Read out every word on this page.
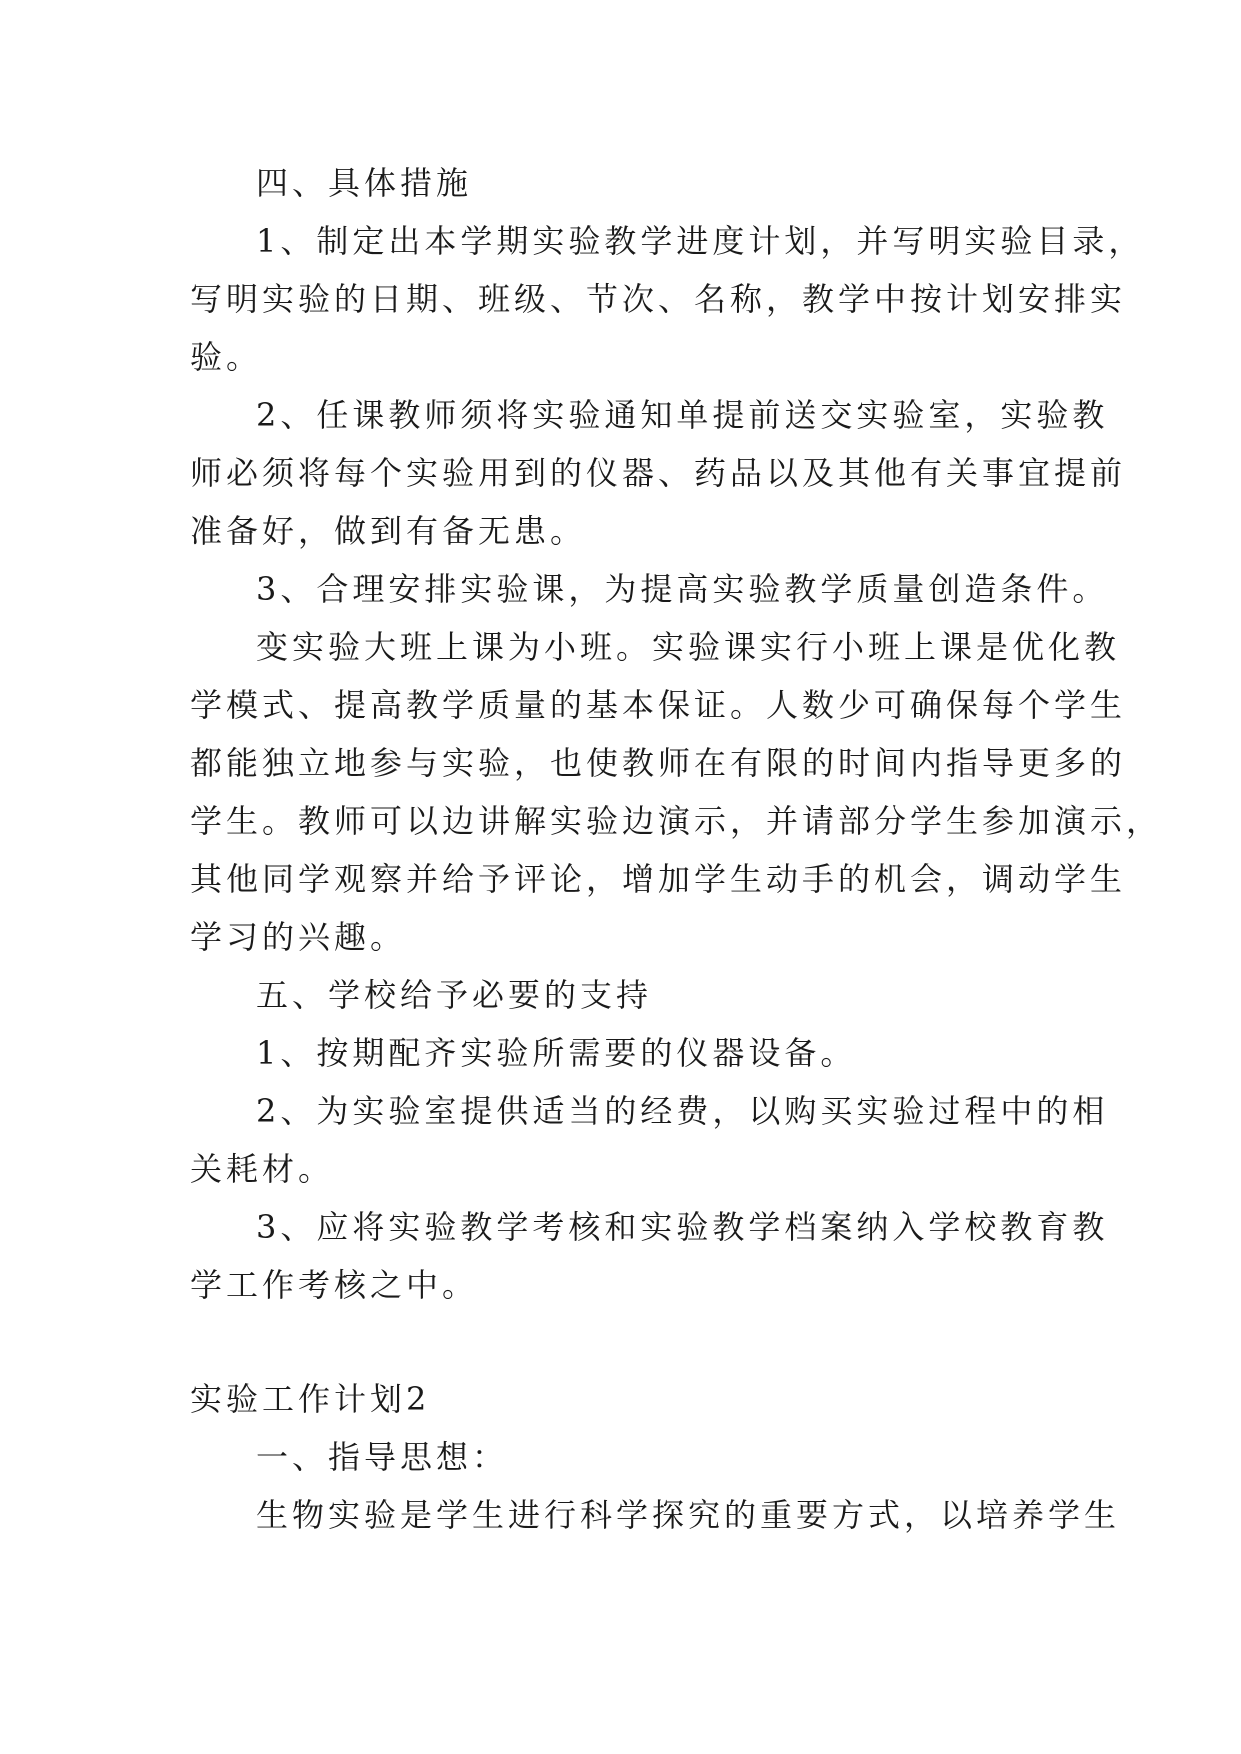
四、具体措施

1、制定出本学期实验教学进度计划，并写明实验目录，

写明实验的日期、班级、节次、名称，教学中按计划安排实

验。

2、任课教师须将实验通知单提前送交实验室，实验教

师必须将每个实验用到的仪器、药品以及其他有关事宜提前

准备好，做到有备无患。

3、合理安排实验课，为提高实验教学质量创造条件。

变实验大班上课为小班。实验课实行小班上课是优化教

学模式、提高教学质量的基本保证。人数少可确保每个学生

都能独立地参与实验，也使教师在有限的时间内指导更多的

学生。教师可以边讲解实验边演示，并请部分学生参加演示，

其他同学观察并给予评论，增加学生动手的机会，调动学生

学习的兴趣。

五、学校给予必要的支持

1、按期配齐实验所需要的仪器设备。

2、为实验室提供适当的经费，以购买实验过程中的相

关耗材。

3、应将实验教学考核和实验教学档案纳入学校教育教

学工作考核之中。

实验工作计划2

一、指导思想：

生物实验是学生进行科学探究的重要方式，以培养学生
